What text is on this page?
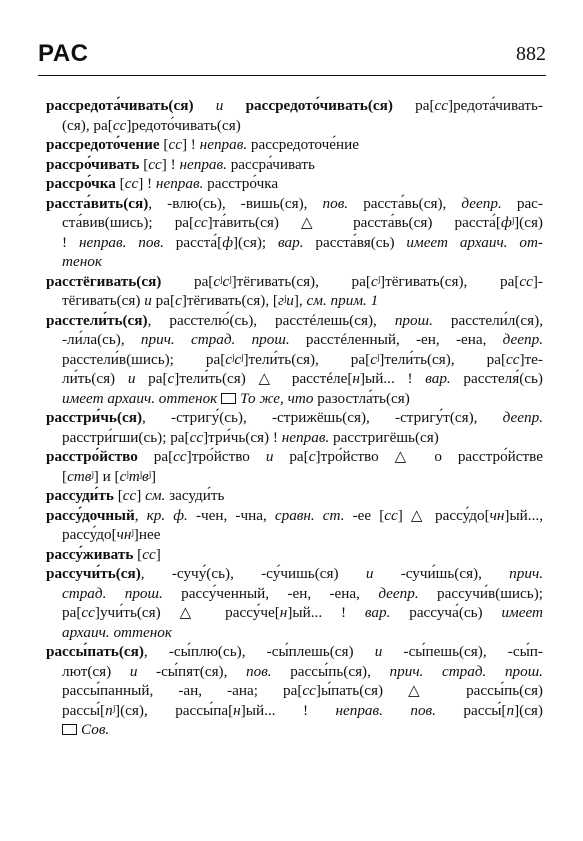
РАС	882

рассредота́чивать(ся) и рассредото́чивать(ся) ра[сс]редота́чивать-
(ся), ра[сс]редото́чивать(ся)

рассредото́чение [сс] ! неправ. рассредоточе́ние

рассро́чивать [сс] ! неправ. рассра́чивать

рассро́чка [сс] ! неправ. расстро́чка

расста́вить(ся), -влю(сь), -вишь(ся), пов. расста́вь(ся), деепр. рас-
ста́вив(шись); ра[сс]та́вить(ся) △ расста́вь(ся) расста́[фʲ](ся)
! неправ. пов. расста́[ф](ся); вар. расста́вя(сь) имеет архаич. от-
тенок

расстёгивать(ся) ра[сʲсʲ]тёгивать(ся), ра[сʲ]тёгивать(ся), ра[сс]-
тёгивать(ся) и ра[с]тёгивать(ся), [гʲи], см. прим. 1

расстели́ть(ся), расстелю́(сь), расстéлешь(ся), прош. расстели́л(ся),
-ли́ла(сь), прич. страд. прош. расстéленный, -ен, -ена, деепр.
расстели́в(шись); ра[сʲсʲ]тели́ть(ся), ра[сʲ]тели́ть(ся), ра[сс]те-
ли́ть(ся) и ра[с]тели́ть(ся) △ расстéле[н]ый... ! вар. расстеля́(сь)
имеет архаич. оттенок То же, что разостла́ть(ся)

расстри́чь(ся), -стригу́(сь), -стрижёшь(ся), -стригу́т(ся), деепр.
расстри́гши(сь); ра[сс]три́чь(ся) ! неправ. расстригёшь(ся)

расстро́йство ра[сс]тро́йство и ра[с]тро́йство △ о расстро́йстве
[ствʲ] и [сʲтʲвʲ]

рассуди́ть [сс] см. засуди́ть

рассу́дочный, кр. ф. -чен, -чна, сравн. ст. -ее [сс] △ рассу́до[чн]ый...,
рассу́до[чнʲ]нее

рассу́живать [сс]

рассучи́ть(ся), -сучу́(сь), -су́чишь(ся) и -сучи́шь(ся), прич.
страд. прош. рассу́ченный, -ен, -ена, деепр. рассучи́в(шись);
ра[сс]учи́ть(ся) △ рассу́че[н]ый... ! вар. рассуча́(сь) имеет
архаич. оттенок

рассы́пать(ся), -сы́плю(сь), -сы́плешь(ся) и -сы́пешь(ся), -сы́п-
лют(ся) и -сы́пят(ся), пов. рассы́пь(ся), прич. страд. прош.
рассы́панный, -ан, -ана; ра[сс]ы́пать(ся) △ рассы́пь(ся)
рассы́[пʲ](ся), рассы́па[н]ый... ! неправ. пов. рассы́[п](ся)
Сов.
